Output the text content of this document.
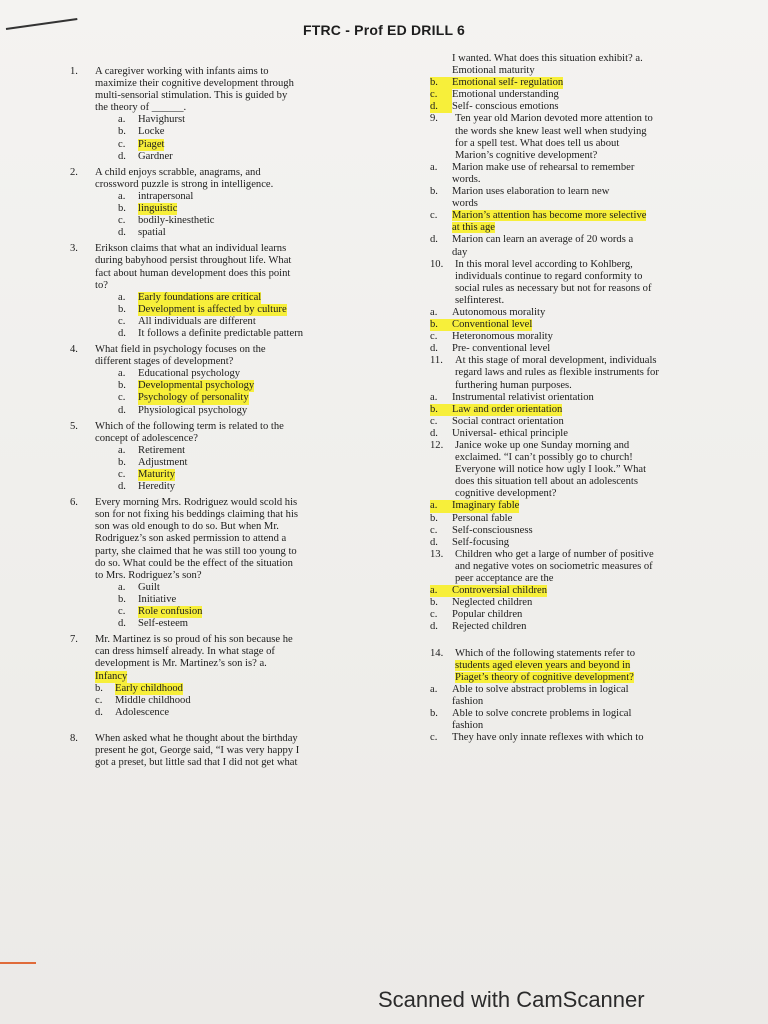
FTRC - Prof ED DRILL 6
1.	A caregiver working with infants aims to
maximize their cognitive development through
multi-sensorial stimulation. This is guided by
the theory of ______.
a.	Havighurst
b.	Locke
c.	Piaget
d.	Gardner
2.	A child enjoys scrabble, anagrams, and
crossword puzzle is strong in intelligence.
a.	intrapersonal
b.	linguistic
c.	bodily-kinesthetic
d.	spatial
3.	Erikson claims that what an individual learns
during babyhood persist throughout life. What
fact about human development does this point
to?
a.	Early foundations are critical
b.	Development is affected by culture
c.	All individuals are different
d.	It follows a definite predictable pattern
4.	What field in psychology focuses on the
different stages of development?
a.	Educational psychology
b.	Developmental psychology
c.	Psychology of personality
d.	Physiological psychology
5.	Which of the following term is related to the
concept of adolescence?
a.	Retirement
b.	Adjustment
c.	Maturity
d.	Heredity
6.	Every morning Mrs. Rodriguez would scold his
son for not fixing his beddings claiming that his
son was old enough to do so. But when Mr.
Rodriguez’s son asked permission to attend a
party, she claimed that he was still too young to
do so. What could be the effect of the situation
to Mrs. Rodriguez’s son?
a.	Guilt
b.	Initiative
c.	Role confusion
d.	Self-esteem
7.	Mr. Martinez is so proud of his son because he
can dress himself already. In what stage of
development is Mr. Martinez’s son is? a.
Infancy
b.	Early childhood
c.	Middle childhood
d.	Adolescence
8.	When asked what he thought about the birthday
present he got, George said, “I was very happy I
got a preset, but little sad that I did not get what
I wanted. What does this situation exhibit? a.
Emotional maturity
b.	Emotional self- regulation
c.	Emotional understanding
d.	Self- conscious emotions
9.	Ten year old Marion devoted more attention to
the words she knew least well when studying
for a spell test. What does tell us about
Marion’s cognitive development?
a.	Marion make use of rehearsal to remember
words.
b.	Marion uses elaboration to learn new
words
c.	Marion’s attention has become more selective
at this age
d.	Marion can learn an average of 20 words a
day
10.	In this moral level according to Kohlberg,
individuals continue to regard conformity to
social rules as necessary but not for reasons of
selfinterest.
a.	Autonomous morality
b.	Conventional level
c.	Heteronomous morality
d.	Pre- conventional level
11.	At this stage of moral development, individuals
regard laws and rules as flexible instruments for
furthering human purposes.
a.	Instrumental relativist orientation
b.	Law and order orientation
c.	Social contract orientation
d.	Universal- ethical principle
12.	Janice woke up one Sunday morning and
exclaimed. “I can’t possibly go to church!
Everyone will notice how ugly I look.” What
does this situation tell about an adolescents
cognitive development?
a.	Imaginary fable
b.	Personal fable
c.	Self-consciousness
d.	Self-focusing
13.	Children who get a large of number of positive
and negative votes on sociometric measures of
peer acceptance are the
a.	Controversial children
b.	Neglected children
c.	Popular children
d.	Rejected children
14.	Which of the following statements refer to
students aged eleven years and beyond in
Piaget’s theory of cognitive development?
a.	Able to solve abstract problems in logical
fashion
b.	Able to solve concrete problems in logical
fashion
c.	They have only innate reflexes with which to
Scanned with CamScanner
